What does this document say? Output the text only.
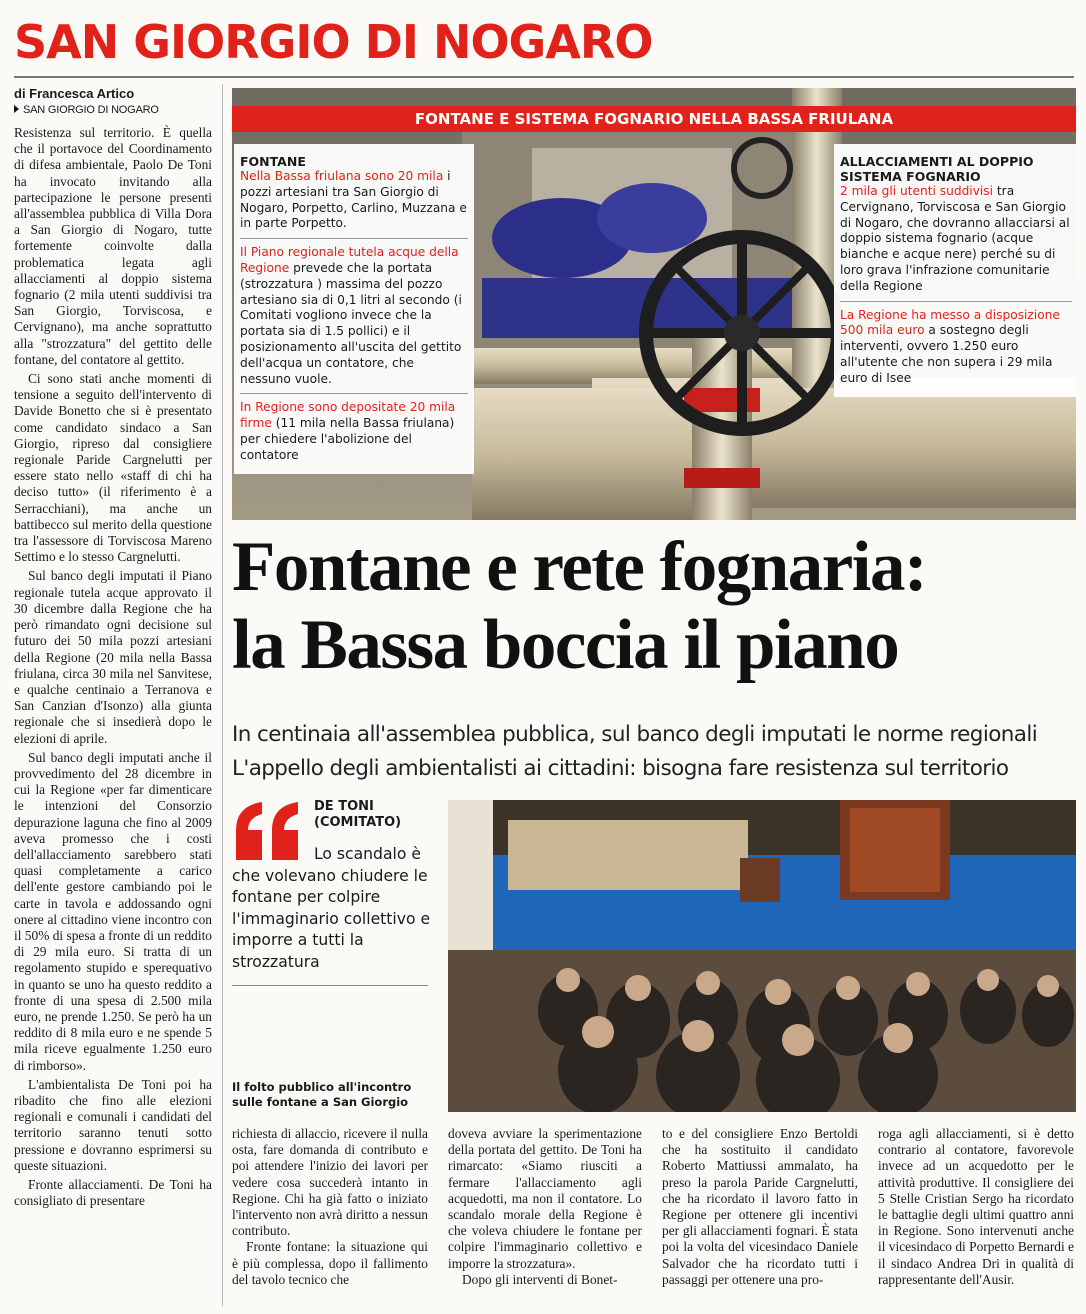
SAN GIORGIO DI NOGARO
di Francesca Artico
SAN GIORGIO DI NOGARO

Resistenza sul territorio. È quella che il portavoce del Coordinamento di difesa ambientale, Paolo De Toni ha invocato invitando alla partecipazione le persone presenti all'assemblea pubblica di Villa Dora a San Giorgio di Nogaro, tutte fortemente coinvolte dalla problematica legata agli allacciamenti al doppio sistema fognario (2 mila utenti suddivisi tra San Giorgio, Torviscosa, e Cervignano), ma anche soprattutto alla "strozzatura" del gettito delle fontane, del contatore al gettito.

Ci sono stati anche momenti di tensione a seguito dell'intervento di Davide Bonetto che si è presentato come candidato sindaco a San Giorgio, ripreso dal consigliere regionale Paride Cargnelutti per essere stato nello «staff di chi ha deciso tutto» (il riferimento è a Serracchiani), ma anche un battibecco sul merito della questione tra l'assessore di Torviscosa Mareno Settimo e lo stesso Cargnelutti.

Sul banco degli imputati il Piano regionale tutela acque approvato il 30 dicembre dalla Regione che ha però rimandato ogni decisione sul futuro dei 50 mila pozzi artesiani della Regione (20 mila nella Bassa friulana, circa 30 mila nel Sanvitese, e qualche centinaio a Terranova e San Canzian d'Isonzo) alla giunta regionale che si insedierà dopo le elezioni di aprile.

Sul banco degli imputati anche il provvedimento del 28 dicembre in cui la Regione «per far dimenticare le intenzioni del Consorzio depurazione laguna che fino al 2009 aveva promesso che i costi dell'allacciamento sarebbero stati quasi completamente a carico dell'ente gestore cambiando poi le carte in tavola e addossando ogni onere al cittadino viene incontro con il 50% di spesa a fronte di un reddito di 29 mila euro. Si tratta di un regolamento stupido e sperequativo in quanto se uno ha questo reddito a fronte di una spesa di 2.500 mila euro, ne prende 1.250. Se però ha un reddito di 8 mila euro e ne spende 5 mila riceve egualmente 1.250 euro di rimborso».

L'ambientalista De Toni poi ha ribadito che fino alle elezioni regionali e comunali i candidati del territorio saranno tenuti sotto pressione e dovranno esprimersi su queste situazioni.

Fronte allacciamenti. De Toni ha consigliato di presentare

FONTANE E SISTEMA FOGNARIO NELLA BASSA FRIULANA
FONTANE
Nella Bassa friulana sono 20 mila i pozzi artesiani tra San Giorgio di Nogaro, Porpetto, Carlino, Muzzana e in parte Porpetto.
Il Piano regionale tutela acque della Regione prevede che la portata (strozzatura ) massima del pozzo artesiano sia di 0,1 litri al secondo (i Comitati vogliono invece che la portata sia di 1.5 pollici) e il posizionamento all'uscita del gettito dell'acqua un contatore, che nessuno vuole.
In Regione sono depositate 20 mila firme (11 mila nella Bassa friulana) per chiedere l'abolizione del contatore
ALLACCIAMENTI AL DOPPIO SISTEMA FOGNARIO
2 mila gli utenti suddivisi tra Cervignano, Torviscosa e San Giorgio di Nogaro, che dovranno allacciarsi al doppio sistema fognario (acque bianche e acque nere) perché su di loro grava l'infrazione comunitarie della Regione
La Regione ha messo a disposizione 500 mila euro a sostegno degli interventi, ovvero 1.250 euro all'utente che non supera i 29 mila euro di Isee
Fontane e rete fognaria:
la Bassa boccia il piano
In centinaia all'assemblea pubblica, sul banco degli imputati le norme regionali
L'appello degli ambientalisti ai cittadini: bisogna fare resistenza sul territorio
DE TONI
(COMITATO)
Lo scandalo è che volevano chiudere le fontane per colpire l'immaginario collettivo e imporre a tutti la strozzatura
Il folto pubblico all'incontro sulle fontane a San Giorgio

richiesta di allaccio, ricevere il nulla osta, fare domanda di contributo e poi attendere l'inizio dei lavori per vedere cosa succederà intanto in Regione. Chi ha già fatto o iniziato l'intervento non avrà diritto a nessun contributo.

Fronte fontane: la situazione qui è più complessa, dopo il fallimento del tavolo tecnico che

doveva avviare la sperimentazione della portata del gettito. De Toni ha rimarcato: «Siamo riusciti a fermare l'allacciamento agli acquedotti, ma non il contatore. Lo scandalo morale della Regione è che voleva chiudere le fontane per colpire l'immaginario collettivo e imporre la strozzatura».

Dopo gli interventi di Bonet-

to e del consigliere Enzo Bertoldi che ha sostituito il candidato Roberto Mattiussi ammalato, ha preso la parola Paride Cargnelutti, che ha ricordato il lavoro fatto in Regione per ottenere gli incentivi per gli allacciamenti fognari. È stata poi la volta del vicesindaco Daniele Salvador che ha ricordato tutti i passaggi per ottenere una pro-

roga agli allacciamenti, si è detto contrario al contatore, favorevole invece ad un acquedotto per le attività produttive. Il consigliere dei 5 Stelle Cristian Sergo ha ricordato le battaglie degli ultimi quattro anni in Regione. Sono intervenuti anche il vicesindaco di Porpetto Bernardi e il sindaco Andrea Dri in qualità di rappresentante dell'Ausir.
